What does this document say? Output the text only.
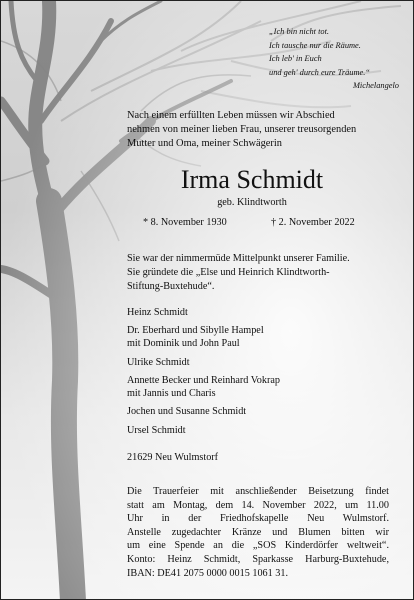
„Ich bin nicht tot.
Ich tausche nur die Räume.
Ich leb' in Euch
und geh' durch eure Träume.“
Michelangelo
Nach einem erfüllten Leben müssen wir Abschied
nehmen von meiner lieben Frau, unserer treusorgenden
Mutter und Oma, meiner Schwägerin
Irma Schmidt
geb. Klindtworth
* 8. November 1930	† 2. November 2022
Sie war der nimmermüde Mittelpunkt unserer Familie.
Sie gründete die „Else und Heinrich Klindtworth-
Stiftung-Buxtehude“.
Heinz Schmidt
Dr. Eberhard und Sibylle Hampel
mit Dominik und John Paul
Ulrike Schmidt
Annette Becker und Reinhard Vokrap
mit Jannis und Charis
Jochen und Susanne Schmidt
Ursel Schmidt
21629 Neu Wulmstorf
Die Trauerfeier mit anschließender Beisetzung findet
statt am Montag, dem 14. November 2022, um 11.00
Uhr in der Friedhofskapelle Neu Wulmstorf.
Anstelle zugedachter Kränze und Blumen bitten wir
um eine Spende an die „SOS Kinderdörfer weltweit“.
Konto: Heinz Schmidt, Sparkasse Harburg-Buxtehude,
IBAN: DE41 2075 0000 0015 1061 31.
